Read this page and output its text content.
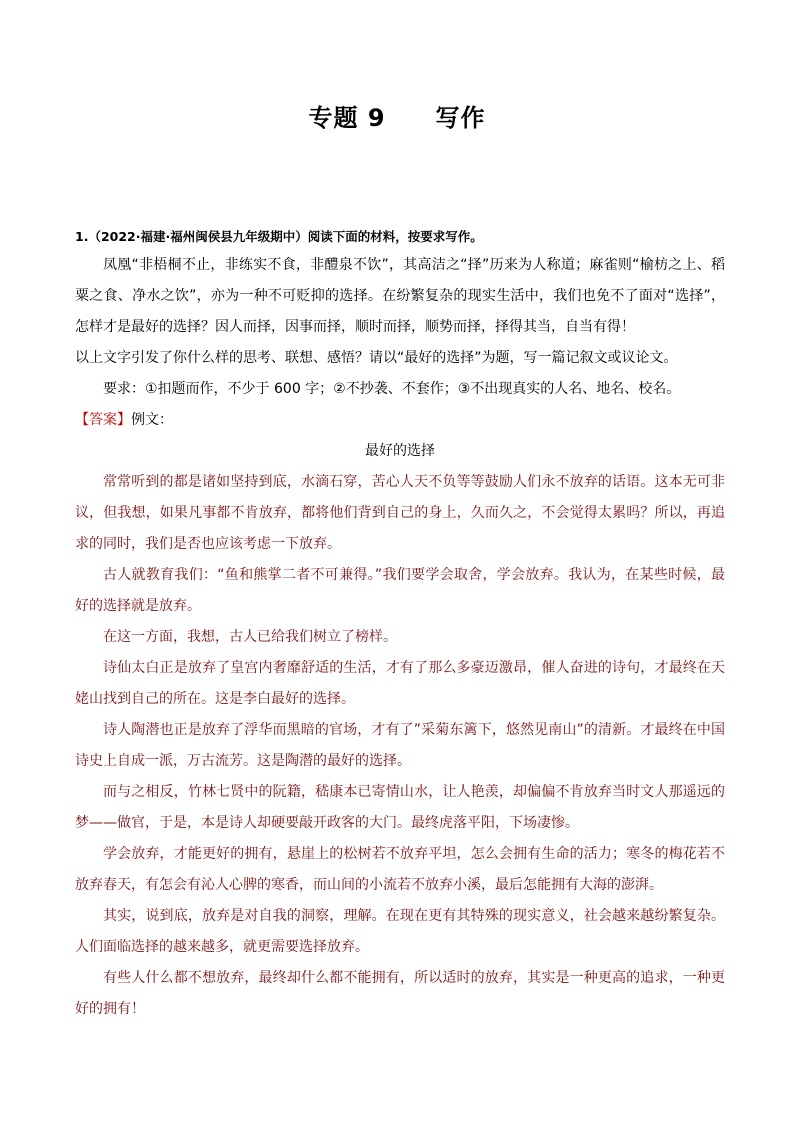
专题 9　　写作

1.（2022·福建·福州闽侯县九年级期中）阅读下面的材料，按要求写作。

凤凰“非梧桐不止，非练实不食，非醴泉不饮”，其高洁之“择”历来为人称道；麻雀则“榆枋之上、稻粟之食、净水之饮”，亦为一种不可贬抑的选择。在纷繁复杂的现实生活中，我们也免不了面对“选择”，怎样才是最好的选择？因人而择，因事而择，顺时而择，顺势而择，择得其当，自当有得！

以上文字引发了你什么样的思考、联想、感悟？请以“最好的选择”为题，写一篇记叙文或议论文。

要求：①扣题而作，不少于 600 字；②不抄袭、不套作；③不出现真实的人名、地名、校名。

【答案】例文：

最好的选择

常常听到的都是诸如坚持到底，水滴石穿，苦心人天不负等等鼓励人们永不放弃的话语。这本无可非议，但我想，如果凡事都不肯放弃，都将他们背到自己的身上，久而久之，不会觉得太累吗？所以，再追求的同时，我们是否也应该考虑一下放弃。

古人就教育我们：“鱼和熊掌二者不可兼得。”我们要学会取舍，学会放弃。我认为，在某些时候，最好的选择就是放弃。

在这一方面，我想，古人已给我们树立了榜样。

诗仙太白正是放弃了皇宫内奢靡舒适的生活，才有了那么多豪迈激昂，催人奋进的诗句，才最终在天姥山找到自己的所在。这是李白最好的选择。

诗人陶潜也正是放弃了浮华而黑暗的官场，才有了”采菊东篱下，悠然见南山”的清新。才最终在中国诗史上自成一派，万古流芳。这是陶潜的最好的选择。

而与之相反，竹林七贤中的阮籍，嵇康本已寄情山水，让人艳羡，却偏偏不肯放弃当时文人那遥远的梦——做官，于是，本是诗人却硬要敲开政客的大门。最终虎落平阳，下场凄惨。

学会放弃，才能更好的拥有，悬崖上的松树若不放弃平坦，怎么会拥有生命的活力；寒冬的梅花若不放弃春天，有怎会有沁人心脾的寒香，而山间的小流若不放弃小溪，最后怎能拥有大海的澎湃。

其实，说到底，放弃是对自我的洞察，理解。在现在更有其特殊的现实意义，社会越来越纷繁复杂。人们面临选择的越来越多，就更需要选择放弃。

有些人什么都不想放弃，最终却什么都不能拥有，所以适时的放弃，其实是一种更高的追求，一种更好的拥有！
